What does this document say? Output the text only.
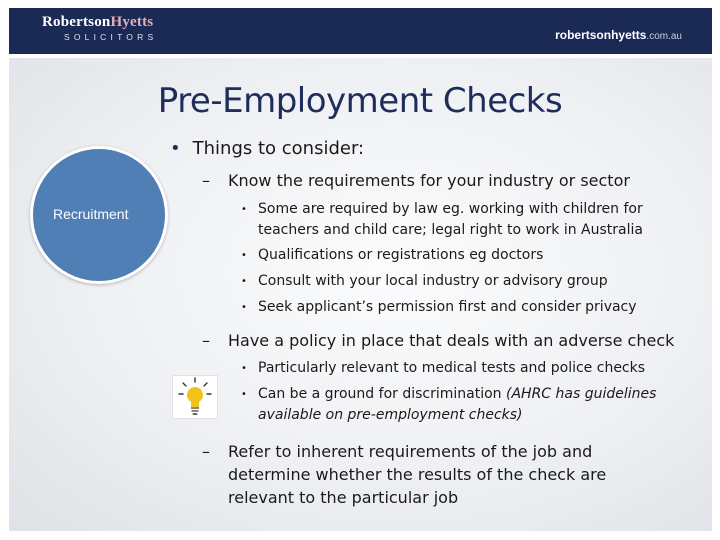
RobertsonHyetts
SOLICITORS	robertsonhyetts.com.au
Pre-Employment Checks
Recruitment
• Things to consider:
– Know the requirements for your industry or sector
• Some are required by law eg. working with children for
teachers and child care; legal right to work in Australia
• Qualifications or registrations eg doctors
• Consult with your local industry or advisory group
• Seek applicant’s permission first and consider privacy
– Have a policy in place that deals with an adverse check
• Particularly relevant to medical tests and police checks
• Can be a ground for discrimination (AHRC has guidelines
available on pre-employment checks)
– Refer to inherent requirements of the job and
determine whether the results of the check are
relevant to the particular job
